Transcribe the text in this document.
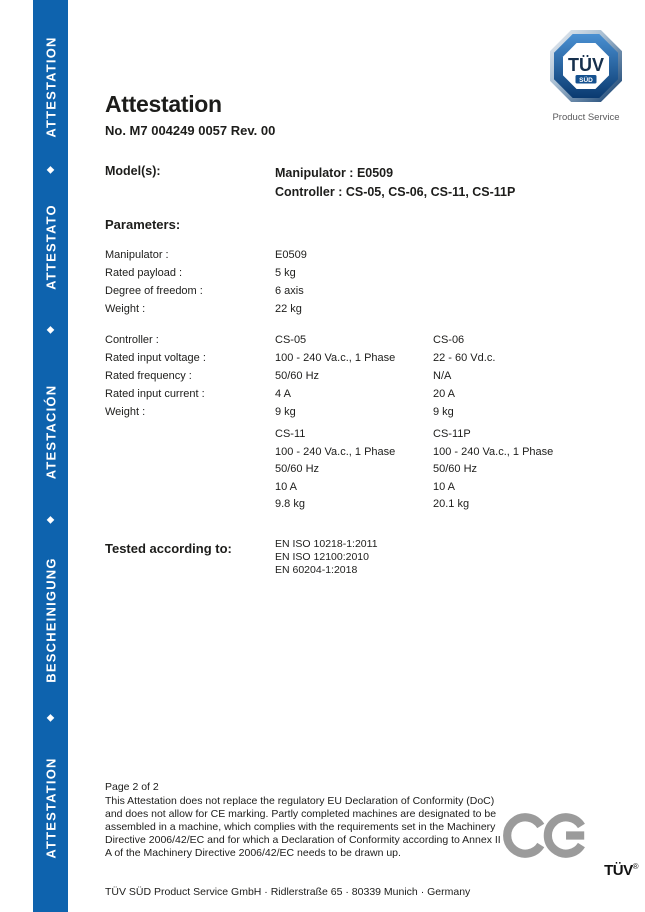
ATTESTATION
◆
ATTESTATO
◆
ATESTACIÓN
◆
BESCHEINIGUNG
◆
ATTESTATION
TÜV
SÜD
Product Service
Attestation
No. M7 004249 0057 Rev. 00
Model(s):	Manipulator : E0509
Controller : CS-05, CS-06, CS-11, CS-11P
Parameters:
Manipulator :	E0509
Rated payload :	5 kg
Degree of freedom :	6 axis
Weight :	22 kg
Controller :	CS-05	CS-06
Rated input voltage :	100 - 240 Va.c., 1 Phase	22 - 60 Vd.c.
Rated frequency :	50/60 Hz	N/A
Rated input current :	4 A	20 A
Weight :	9 kg	9 kg
CS-11	CS-11P
100 - 240 Va.c., 1 Phase	100 - 240 Va.c., 1 Phase
50/60 Hz	50/60 Hz
10 A	10 A
9.8 kg	20.1 kg
Tested according to:	EN ISO 10218-1:2011
EN ISO 12100:2010
EN 60204-1:2018
Page 2 of 2
This Attestation does not replace the regulatory EU Declaration of Conformity (DoC) and does not allow for CE marking. Partly completed machines are designated to be assembled in a machine, which complies with the requirements set in the Machinery Directive 2006/42/EC and for which a Declaration of Conformity according to Annex II A of the Machinery Directive 2006/42/EC needs to be drawn up.
TÜV®
TÜV SÜD Product Service GmbH · Ridlerstraße 65 · 80339 Munich · Germany
